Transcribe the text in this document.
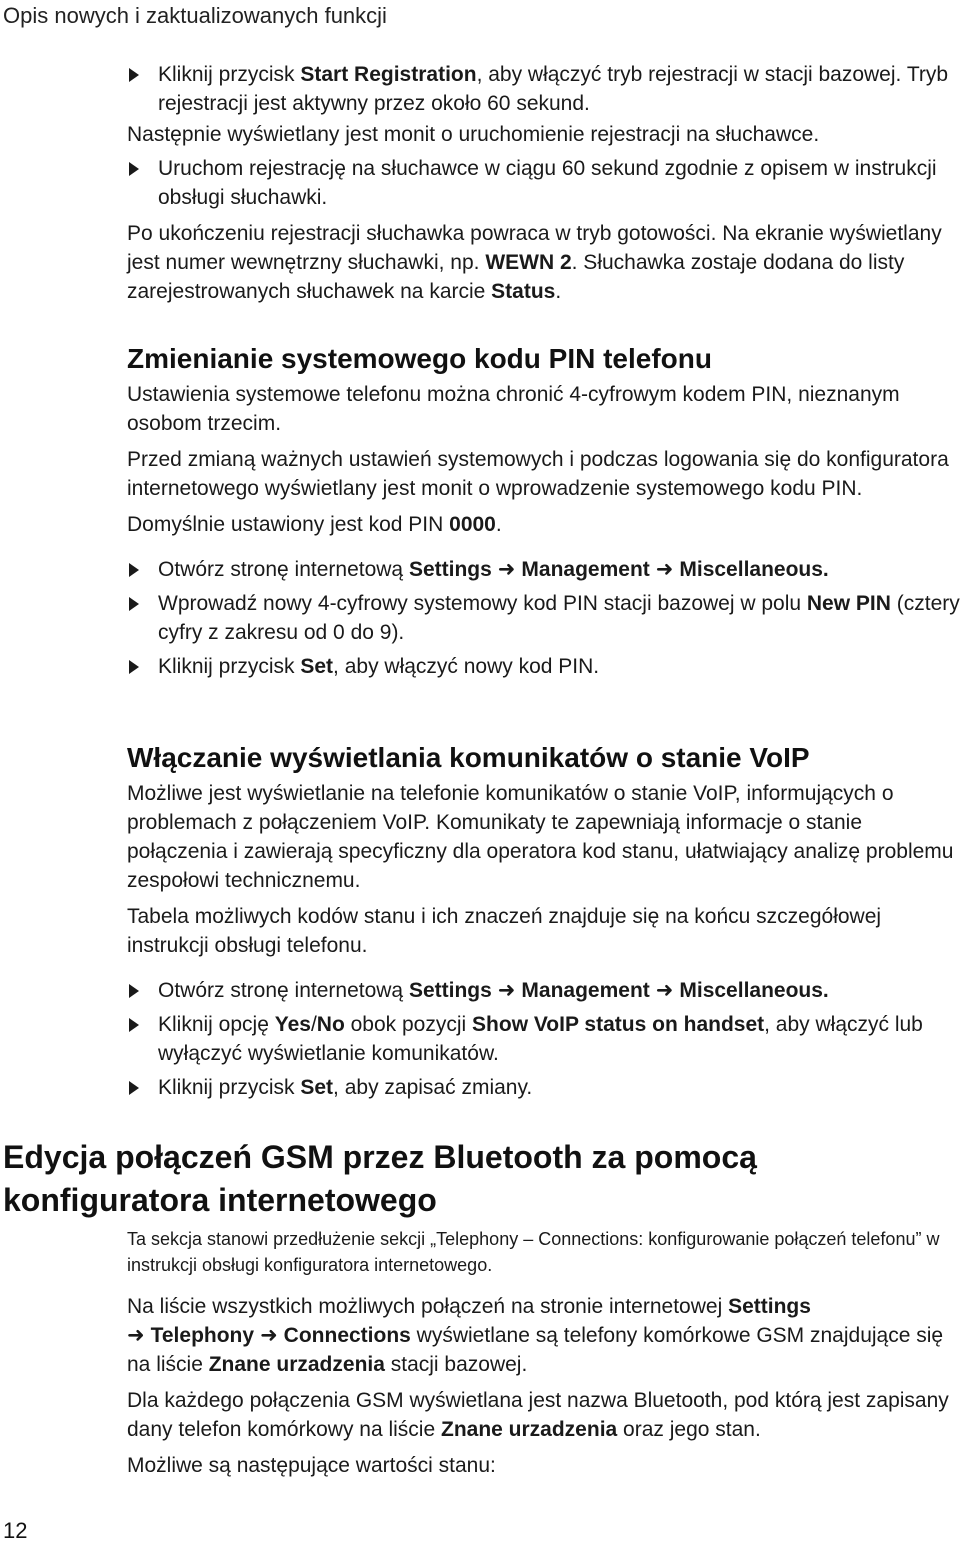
Opis nowych i zaktualizowanych funkcji
Kliknij przycisk Start Registration, aby włączyć tryb rejestracji w stacji bazowej. Tryb rejestracji jest aktywny przez około 60 sekund.

Następnie wyświetlany jest monit o uruchomienie rejestracji na słuchawce.

Uruchom rejestrację na słuchawce w ciągu 60 sekund zgodnie z opisem w instrukcji obsługi słuchawki.

Po ukończeniu rejestracji słuchawka powraca w tryb gotowości. Na ekranie wyświetlany jest numer wewnętrzny słuchawki, np. WEWN 2. Słuchawka zostaje dodana do listy zarejestrowanych słuchawek na karcie Status.

Zmienianie systemowego kodu PIN telefonu

Ustawienia systemowe telefonu można chronić 4-cyfrowym kodem PIN, nieznanym osobom trzecim.

Przed zmianą ważnych ustawień systemowych i podczas logowania się do konfiguratora internetowego wyświetlany jest monit o wprowadzenie systemowego kodu PIN.

Domyślnie ustawiony jest kod PIN 0000.

Otwórz stronę internetową Settings ➜ Management ➜ Miscellaneous.
Wprowadź nowy 4-cyfrowy systemowy kod PIN stacji bazowej w polu New PIN (cztery cyfry z zakresu od 0 do 9).
Kliknij przycisk Set, aby włączyć nowy kod PIN.
Włączanie wyświetlania komunikatów o stanie VoIP

Możliwe jest wyświetlanie na telefonie komunikatów o stanie VoIP, informujących o problemach z połączeniem VoIP. Komunikaty te zapewniają informacje o stanie połączenia i zawierają specyficzny dla operatora kod stanu, ułatwiający analizę problemu zespołowi technicznemu.

Tabela możliwych kodów stanu i ich znaczeń znajduje się na końcu szczegółowej instrukcji obsługi telefonu.

Otwórz stronę internetową Settings ➜ Management ➜ Miscellaneous.
Kliknij opcję Yes/No obok pozycji Show VoIP status on handset, aby włączyć lub wyłączyć wyświetlanie komunikatów.
Kliknij przycisk Set, aby zapisać zmiany.
Edycja połączeń GSM przez Bluetooth za pomocą
konfiguratora internetowego

Ta sekcja stanowi przedłużenie sekcji „Telephony – Connections: konfigurowanie połączeń telefonu” w instrukcji obsługi konfiguratora internetowego.

Na liście wszystkich możliwych połączeń na stronie internetowej Settings
➜ Telephony ➜ Connections wyświetlane są telefony komórkowe GSM znajdujące się na liście Znane urzadzenia stacji bazowej.

Dla każdego połączenia GSM wyświetlana jest nazwa Bluetooth, pod którą jest zapisany dany telefon komórkowy na liście Znane urzadzenia oraz jego stan.

Możliwe są następujące wartości stanu:

12
